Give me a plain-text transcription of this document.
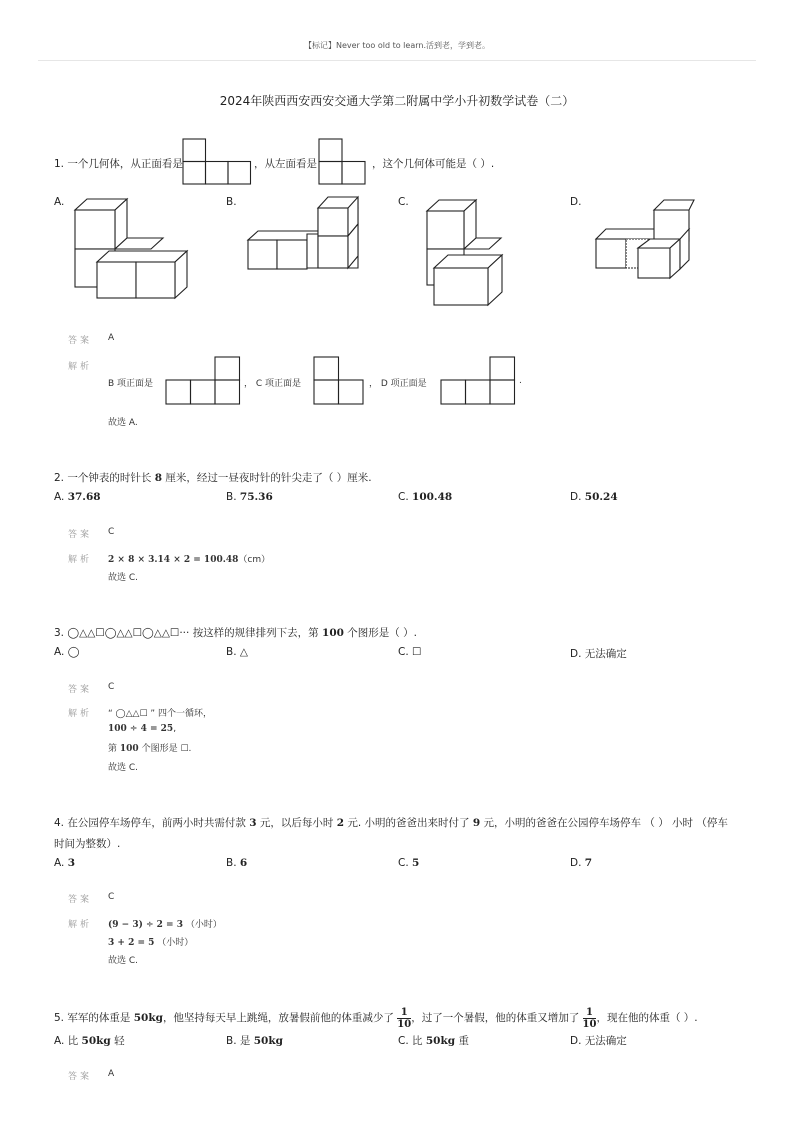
【标记】Never too old to learn.活到老，学到老。
2024年陕西西安西安交通大学第二附属中学小升初数学试卷（二）
1. 一个几何体，从正面看是	，从左面看是	，这个几何体可能是（ ）.
A.	B.	C.	D.
答案 A
解析
B 项正面是	， C 项正面是	， D 项正面是	.
故选 A.
2. 一个钟表的时针长 8 厘米，经过一昼夜时针的针尖走了（ ）厘米.
A. 37.68	B. 75.36	C. 100.48	D. 50.24
答案 C
解析 2 × 8 × 3.14 × 2 = 100.48（cm）
故选 C.
3. ◯△△☐◯△△☐◯△△☐··· 按这样的规律排列下去，第 100 个图形是（ ）.
A. ◯	B. △	C. ☐	D. 无法确定
答案 C
解析 “ ◯△△☐ ” 四个一循环，
100 ÷ 4 = 25,
第 100 个图形是 ☐.
故选 C.
4. 在公园停车场停车，前两小时共需付款 3 元，以后每小时 2 元. 小明的爸爸出来时付了 9 元，小明的爸爸在公园停车场停车 （ ） 小时 （停车
时间为整数）.
A. 3	B. 6	C. 5	D. 7
答案 C
解析 (9 − 3) ÷ 2 = 3 （小时）
3 + 2 = 5 （小时）
故选 C.
5. 军军的体重是 50kg，他坚持每天早上跳绳，放暑假前他的体重减少了 $\frac{1}{10}$ ，过了一个暑假，他的体重又增加了 $\frac{1}{10}$ ，现在他的体重（ ）.
A. 比 50kg 轻	B. 是 50kg	C. 比 50kg 重	D. 无法确定
答案 A
